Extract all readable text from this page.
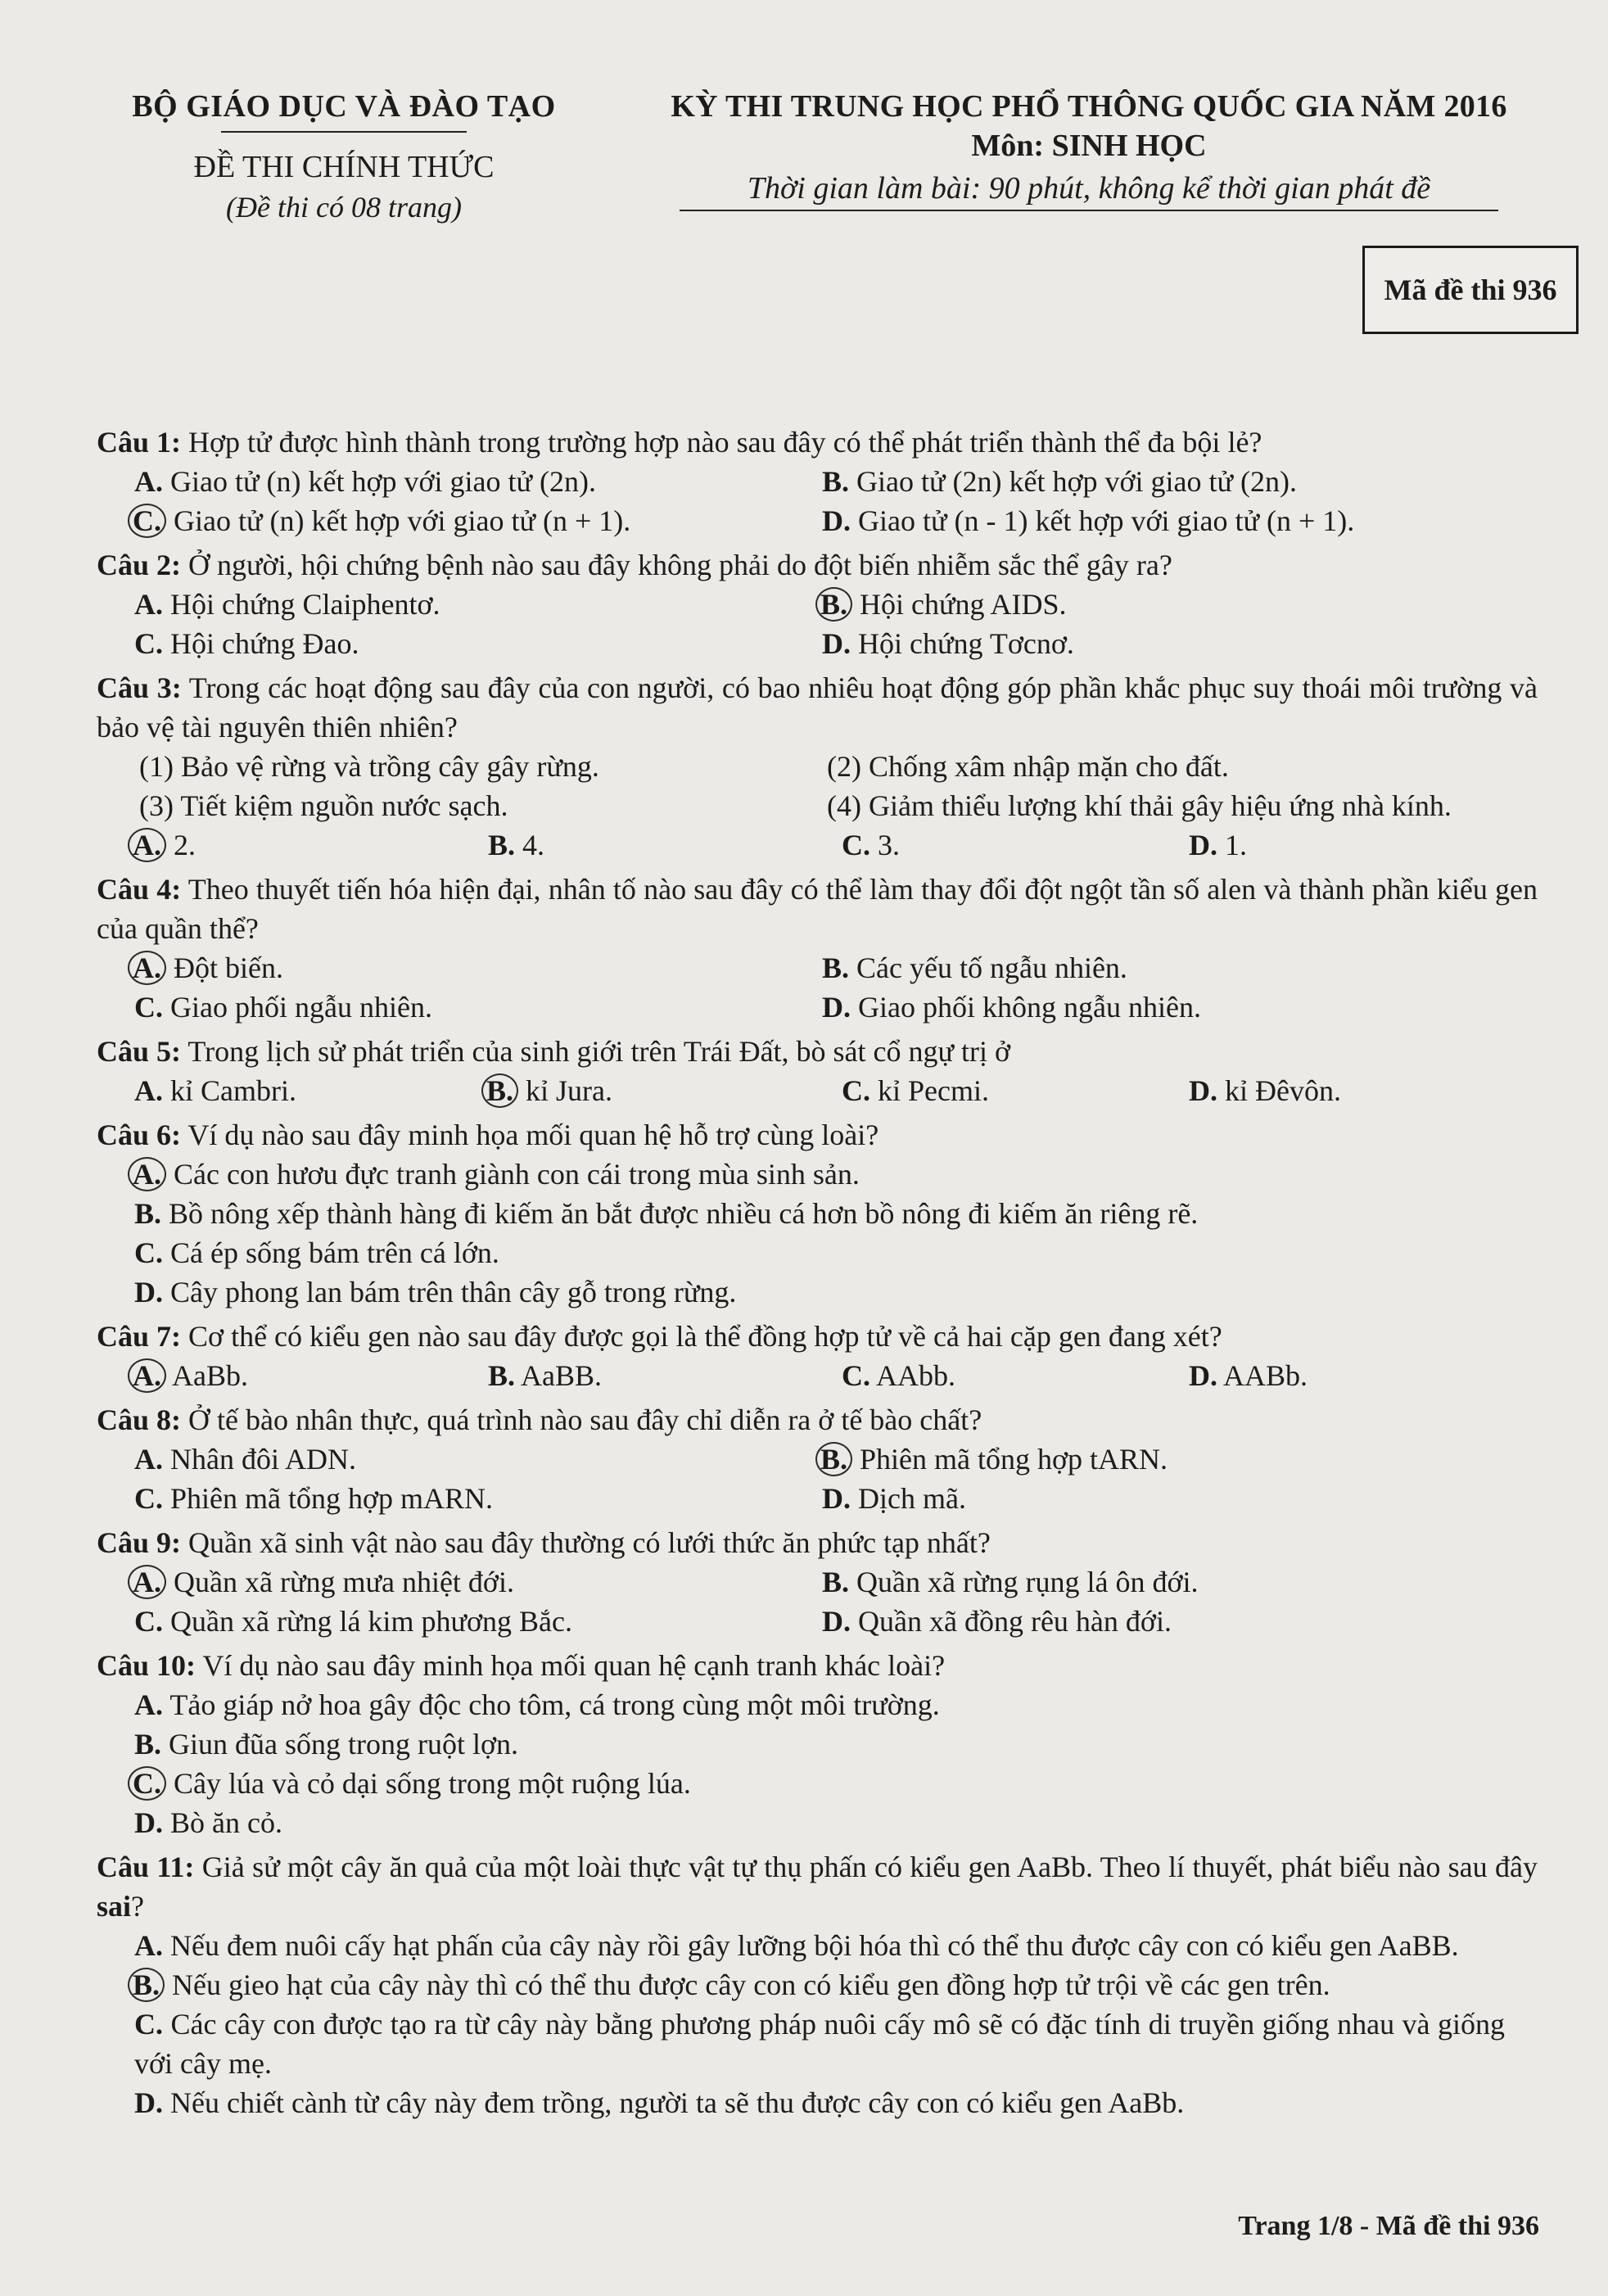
BỘ GIÁO DỤC VÀ ĐÀO TẠO
ĐỀ THI CHÍNH THỨC
(Đề thi có 08 trang)
KỲ THI TRUNG HỌC PHỔ THÔNG QUỐC GIA NĂM 2016
Môn: SINH HỌC
Thời gian làm bài: 90 phút, không kể thời gian phát đề
Mã đề thi 936
Câu 1: Hợp tử được hình thành trong trường hợp nào sau đây có thể phát triển thành thể đa bội lẻ?
A. Giao tử (n) kết hợp với giao tử (2n).	B. Giao tử (2n) kết hợp với giao tử (2n).
C. Giao tử (n) kết hợp với giao tử (n + 1).	D. Giao tử (n - 1) kết hợp với giao tử (n + 1).
Câu 2: Ở người, hội chứng bệnh nào sau đây không phải do đột biến nhiễm sắc thể gây ra?
A. Hội chứng Claiphentơ.	B. Hội chứng AIDS.
C. Hội chứng Đao.	D. Hội chứng Tơcnơ.
Câu 3: Trong các hoạt động sau đây của con người, có bao nhiêu hoạt động góp phần khắc phục suy thoái môi trường và bảo vệ tài nguyên thiên nhiên?
(1) Bảo vệ rừng và trồng cây gây rừng.	(2) Chống xâm nhập mặn cho đất.
(3) Tiết kiệm nguồn nước sạch.	(4) Giảm thiểu lượng khí thải gây hiệu ứng nhà kính.
A. 2.	B. 4.	C. 3.	D. 1.
Câu 4: Theo thuyết tiến hóa hiện đại, nhân tố nào sau đây có thể làm thay đổi đột ngột tần số alen và thành phần kiểu gen của quần thể?
A. Đột biến.	B. Các yếu tố ngẫu nhiên.
C. Giao phối ngẫu nhiên.	D. Giao phối không ngẫu nhiên.
Câu 5: Trong lịch sử phát triển của sinh giới trên Trái Đất, bò sát cổ ngự trị ở
A. kỉ Cambri.	B. kỉ Jura.	C. kỉ Pecmi.	D. kỉ Đêvôn.
Câu 6: Ví dụ nào sau đây minh họa mối quan hệ hỗ trợ cùng loài?
A. Các con hươu đực tranh giành con cái trong mùa sinh sản.
B. Bồ nông xếp thành hàng đi kiếm ăn bắt được nhiều cá hơn bồ nông đi kiếm ăn riêng rẽ.
C. Cá ép sống bám trên cá lớn.
D. Cây phong lan bám trên thân cây gỗ trong rừng.
Câu 7: Cơ thể có kiểu gen nào sau đây được gọi là thể đồng hợp tử về cả hai cặp gen đang xét?
A. AaBb.	B. AaBB.	C. AAbb.	D. AABb.
Câu 8: Ở tế bào nhân thực, quá trình nào sau đây chỉ diễn ra ở tế bào chất?
A. Nhân đôi ADN.	B. Phiên mã tổng hợp tARN.
C. Phiên mã tổng hợp mARN.	D. Dịch mã.
Câu 9: Quần xã sinh vật nào sau đây thường có lưới thức ăn phức tạp nhất?
A. Quần xã rừng mưa nhiệt đới.	B. Quần xã rừng rụng lá ôn đới.
C. Quần xã rừng lá kim phương Bắc.	D. Quần xã đồng rêu hàn đới.
Câu 10: Ví dụ nào sau đây minh họa mối quan hệ cạnh tranh khác loài?
A. Tảo giáp nở hoa gây độc cho tôm, cá trong cùng một môi trường.
B. Giun đũa sống trong ruột lợn.
C. Cây lúa và cỏ dại sống trong một ruộng lúa.
D. Bò ăn cỏ.
Câu 11: Giả sử một cây ăn quả của một loài thực vật tự thụ phấn có kiểu gen AaBb. Theo lí thuyết, phát biểu nào sau đây sai?
A. Nếu đem nuôi cấy hạt phấn của cây này rồi gây lưỡng bội hóa thì có thể thu được cây con có kiểu gen AaBB.
B. Nếu gieo hạt của cây này thì có thể thu được cây con có kiểu gen đồng hợp tử trội về các gen trên.
C. Các cây con được tạo ra từ cây này bằng phương pháp nuôi cấy mô sẽ có đặc tính di truyền giống nhau và giống với cây mẹ.
D. Nếu chiết cành từ cây này đem trồng, người ta sẽ thu được cây con có kiểu gen AaBb.
Trang 1/8 - Mã đề thi 936
